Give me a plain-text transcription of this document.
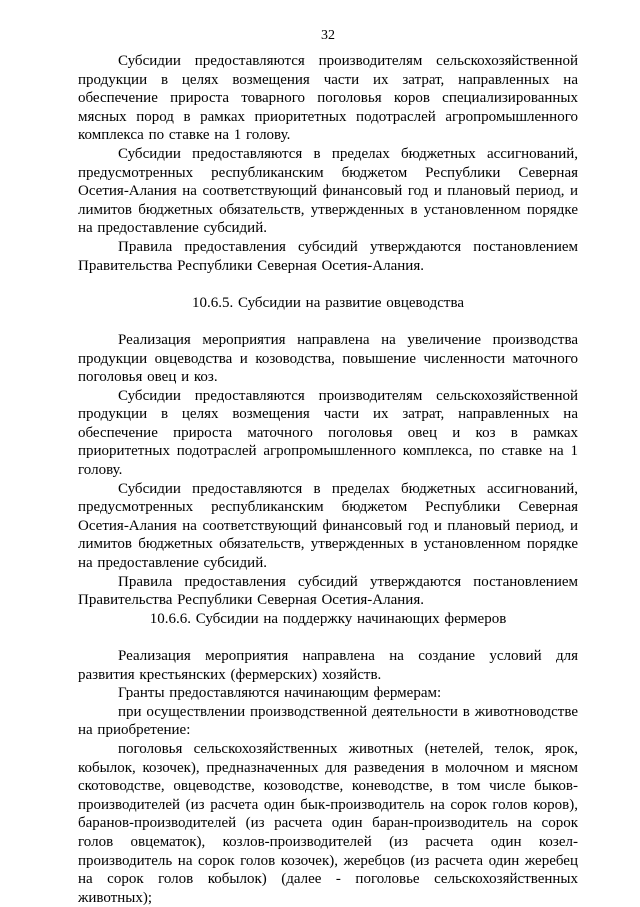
32

Субсидии предоставляются производителям сельскохозяйственной продукции в целях возмещения части их затрат, направленных на обеспечение прироста товарного поголовья коров специализированных мясных пород в рамках приоритетных подотраслей агропромышленного комплекса по ставке на 1 голову.

Субсидии предоставляются в пределах бюджетных ассигнований, предусмотренных республиканским бюджетом Республики Северная Осетия-Алания на соответствующий финансовый год и плановый период, и лимитов бюджетных обязательств, утвержденных в установленном порядке на предоставление субсидий.

Правила предоставления субсидий утверждаются постановлением Правительства Республики Северная Осетия-Алания.

10.6.5. Субсидии на развитие овцеводства

Реализация мероприятия направлена на увеличение производства продукции овцеводства и козоводства, повышение численности маточного поголовья овец и коз.

Субсидии предоставляются производителям сельскохозяйственной продукции в целях возмещения части их затрат, направленных на обеспечение прироста маточного поголовья овец и коз в рамках приоритетных подотраслей агропромышленного комплекса, по ставке на 1 голову.

Субсидии предоставляются в пределах бюджетных ассигнований, предусмотренных республиканским бюджетом Республики Северная Осетия-Алания на соответствующий финансовый год и плановый период, и лимитов бюджетных обязательств, утвержденных в установленном порядке на предоставление субсидий.

Правила предоставления субсидий утверждаются постановлением Правительства Республики Северная Осетия-Алания.

10.6.6. Субсидии на поддержку начинающих фермеров

Реализация мероприятия направлена на создание условий для развития крестьянских (фермерских) хозяйств.

Гранты предоставляются начинающим фермерам:

при осуществлении производственной деятельности в животноводстве на приобретение:

поголовья сельскохозяйственных животных (нетелей, телок, ярок, кобылок, козочек), предназначенных для разведения в молочном и мясном скотоводстве, овцеводстве, козоводстве, коневодстве, в том числе быков-производителей (из расчета один бык-производитель на сорок голов коров), баранов-производителей (из расчета один баран-производитель на сорок голов овцематок), козлов-производителей (из расчета один козел-производитель на сорок голов козочек), жеребцов (из расчета один жеребец на сорок голов кобылок) (далее - поголовье сельскохозяйственных животных);
